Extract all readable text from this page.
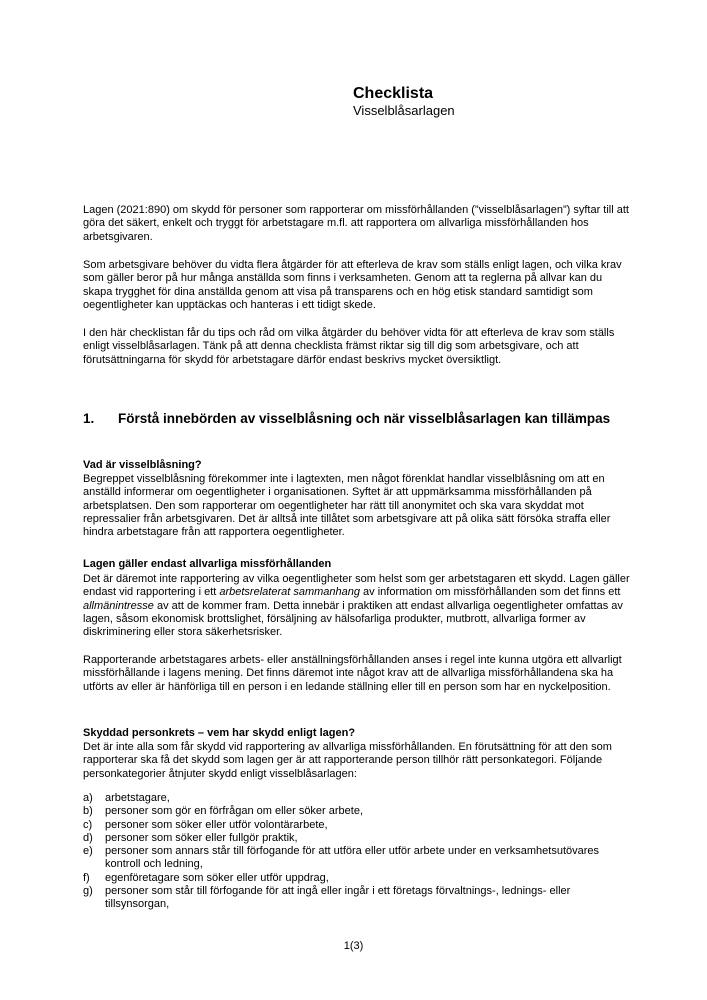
Checklista
Visselblåsarlagen
Lagen (2021:890) om skydd för personer som rapporterar om missförhållanden (”visselblåsarlagen”) syftar till att göra det säkert, enkelt och tryggt för arbetstagare m.fl. att rapportera om allvarliga missförhållanden hos arbetsgivaren.
Som arbetsgivare behöver du vidta flera åtgärder för att efterleva de krav som ställs enligt lagen, och vilka krav som gäller beror på hur många anställda som finns i verksamheten. Genom att ta reglerna på allvar kan du skapa trygghet för dina anställda genom att visa på transparens och en hög etisk standard samtidigt som oegentligheter kan upptäckas och hanteras i ett tidigt skede.
I den här checklistan får du tips och råd om vilka åtgärder du behöver vidta för att efterleva de krav som ställs enligt visselblåsarlagen. Tänk på att denna checklista främst riktar sig till dig som arbetsgivare, och att förutsättningarna för skydd för arbetstagare därför endast beskrivs mycket översiktligt.
1. Förstå innebörden av visselblåsning och när visselblåsarlagen kan tillämpas
Vad är visselblåsning?
Begreppet visselblåsning förekommer inte i lagtexten, men något förenklat handlar visselblåsning om att en anställd informerar om oegentligheter i organisationen. Syftet är att uppmärksamma missförhållanden på arbetsplatsen. Den som rapporterar om oegentligheter har rätt till anonymitet och ska vara skyddat mot repressalier från arbetsgivaren. Det är alltså inte tillåtet som arbetsgivare att på olika sätt försöka straffa eller hindra arbetstagare från att rapportera oegentligheter.
Lagen gäller endast allvarliga missförhållanden
Det är däremot inte rapportering av vilka oegentligheter som helst som ger arbetstagaren ett skydd. Lagen gäller endast vid rapportering i ett arbetsrelaterat sammanhang av information om missförhållanden som det finns ett allmänintresse av att de kommer fram. Detta innebär i praktiken att endast allvarliga oegentligheter omfattas av lagen, såsom ekonomisk brottslighet, försäljning av hälsofarliga produkter, mutbrott, allvarliga former av diskriminering eller stora säkerhetsrisker.
Rapporterande arbetstagares arbets- eller anställningsförhållanden anses i regel inte kunna utgöra ett allvarligt missförhållande i lagens mening. Det finns däremot inte något krav att de allvarliga missförhållandena ska ha utförts av eller är hänförliga till en person i en ledande ställning eller till en person som har en nyckelposition.
Skyddad personkrets – vem har skydd enligt lagen?
Det är inte alla som får skydd vid rapportering av allvarliga missförhållanden. En förutsättning för att den som rapporterar ska få det skydd som lagen ger är att rapporterande person tillhör rätt personkategori. Följande personkategorier åtnjuter skydd enligt visselblåsarlagen:
a) arbetstagare,
b) personer som gör en förfrågan om eller söker arbete,
c) personer som söker eller utför volontärarbete,
d) personer som söker eller fullgör praktik,
e) personer som annars står till förfogande för att utföra eller utför arbete under en verksamhetsutövares kontroll och ledning,
f) egenföretagare som söker eller utför uppdrag,
g) personer som står till förfogande för att ingå eller ingår i ett företags förvaltnings-, lednings- eller tillsynsorgan,
1(3)
